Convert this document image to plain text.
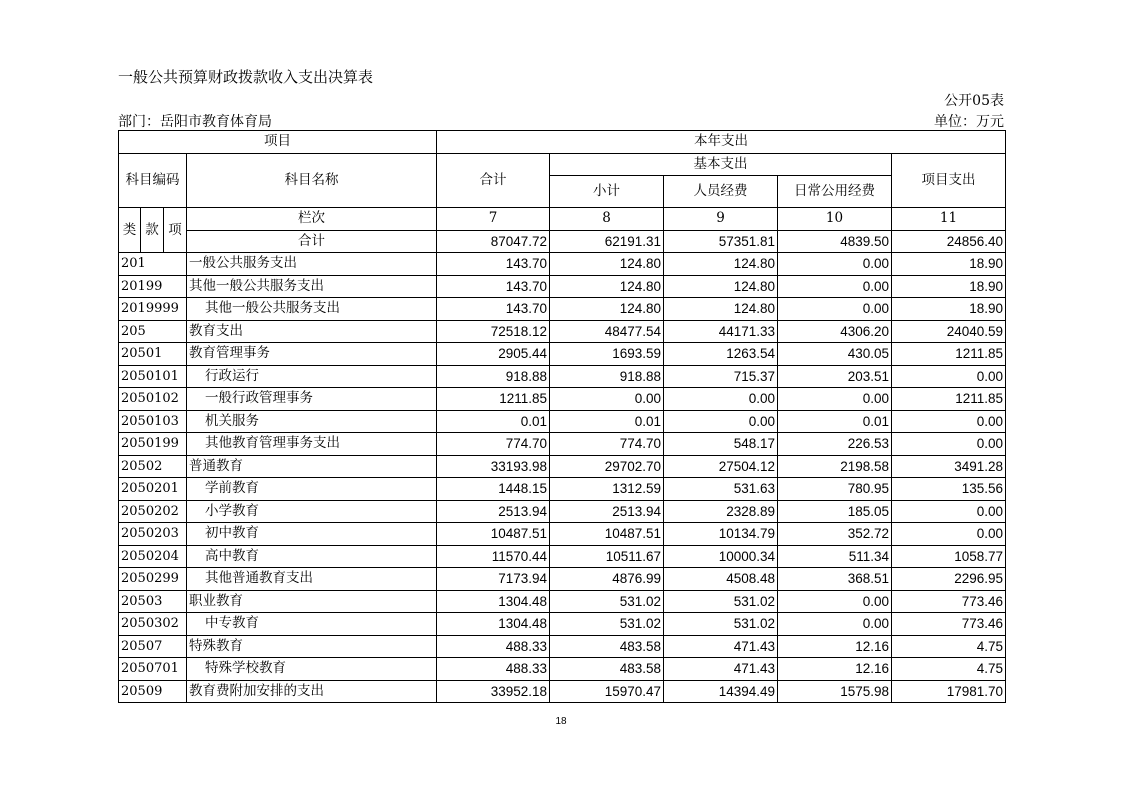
一般公共预算财政拨款收入支出决算表
公开05表
部门：岳阳市教育体育局	单位：万元
项目				本年支出				
科目编码			科目名称	合计	基本支出			项目支出
					小计	人员经费	日常公用经费	
类	款	项	栏次	7	8	9	10	11
			合计	87047.72	62191.31	57351.81	4839.50	24856.40
201			一般公共服务支出	143.70	124.80	124.80	0.00	18.90
20199			其他一般公共服务支出	143.70	124.80	124.80	0.00	18.90
2019999			其他一般公共服务支出	143.70	124.80	124.80	0.00	18.90
205			教育支出	72518.12	48477.54	44171.33	4306.20	24040.59
20501			教育管理事务	2905.44	1693.59	1263.54	430.05	1211.85
2050101			行政运行	918.88	918.88	715.37	203.51	0.00
2050102			一般行政管理事务	1211.85	0.00	0.00	0.00	1211.85
2050103			机关服务	0.01	0.01	0.00	0.01	0.00
2050199			其他教育管理事务支出	774.70	774.70	548.17	226.53	0.00
20502			普通教育	33193.98	29702.70	27504.12	2198.58	3491.28
2050201			学前教育	1448.15	1312.59	531.63	780.95	135.56
2050202			小学教育	2513.94	2513.94	2328.89	185.05	0.00
2050203			初中教育	10487.51	10487.51	10134.79	352.72	0.00
2050204			高中教育	11570.44	10511.67	10000.34	511.34	1058.77
2050299			其他普通教育支出	7173.94	4876.99	4508.48	368.51	2296.95
20503			职业教育	1304.48	531.02	531.02	0.00	773.46
2050302			中专教育	1304.48	531.02	531.02	0.00	773.46
20507			特殊教育	488.33	483.58	471.43	12.16	4.75
2050701			特殊学校教育	488.33	483.58	471.43	12.16	4.75
20509			教育费附加安排的支出	33952.18	15970.47	14394.49	1575.98	17981.70
18
